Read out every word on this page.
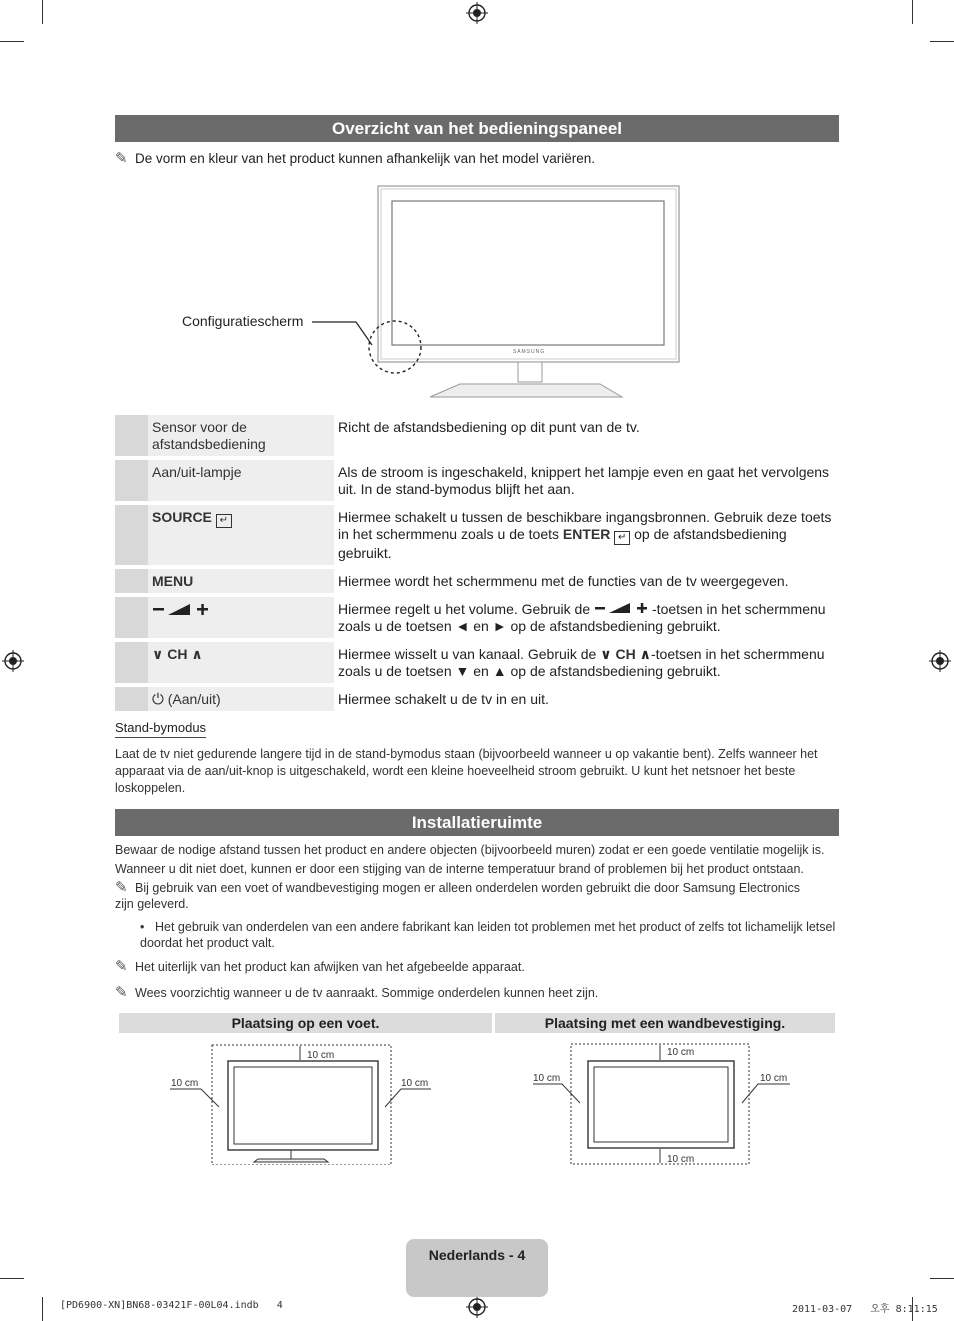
Overzicht van het bedieningspaneel
✎ De vorm en kleur van het product kunnen afhankelijk van het model variëren.
SAMSUNG
Configuratiescherm
	Sensor voor de afstandsbediening	Richt de afstandsbediening op dit punt van de tv.
	Aan/uit-lampje	Als de stroom is ingeschakeld, knippert het lampje even en gaat het vervolgens uit. In de stand-bymodus blijft het aan.
	SOURCE ↵	Hiermee schakelt u tussen de beschikbare ingangsbronnen. Gebruik deze toets in het schermmenu zoals u de toets ENTER ↵ op de afstandsbediening gebruikt.
	MENU	Hiermee wordt het schermmenu met de functies van de tv weergegeven.
		Hiermee regelt u het volume. Gebruik de -toetsen in het schermmenu zoals u de toetsen ◄ en ► op de afstandsbediening gebruikt.
	∨ CH ∧	Hiermee wisselt u van kanaal. Gebruik de ∨ CH ∧-toetsen in het schermmenu zoals u de toetsen ▼ en ▲ op de afstandsbediening gebruikt.
	⏻ (Aan/uit)	Hiermee schakelt u de tv in en uit.
Stand-bymodus
Laat de tv niet gedurende langere tijd in de stand-bymodus staan (bijvoorbeeld wanneer u op vakantie bent). Zelfs wanneer het apparaat via de aan/uit-knop is uitgeschakeld, wordt een kleine hoeveelheid stroom gebruikt. U kunt het netsnoer het beste loskoppelen.
Installatieruimte
Bewaar de nodige afstand tussen het product en andere objecten (bijvoorbeeld muren) zodat er een goede ventilatie mogelijk is. Wanneer u dit niet doet, kunnen er door een stijging van de interne temperatuur brand of problemen bij het product ontstaan.
✎ Bij gebruik van een voet of wandbevestiging mogen er alleen onderdelen worden gebruikt die door Samsung Electronics zijn geleverd.
• Het gebruik van onderdelen van een andere fabrikant kan leiden tot problemen met het product of zelfs tot lichamelijk letsel doordat het product valt.
✎ Het uiterlijk van het product kan afwijken van het afgebeelde apparaat.
✎ Wees voorzichtig wanneer u de tv aanraakt. Sommige onderdelen kunnen heet zijn.
Plaatsing op een voet.	Plaatsing met een wandbevestiging.
10 cm
10 cm	10 cm
10 cm
10 cm
10 cm	10 cm
Nederlands - 4
[PD6900-XN]BN68-03421F-00L04.indb   4	2011-03-07   오후 8:11:15
